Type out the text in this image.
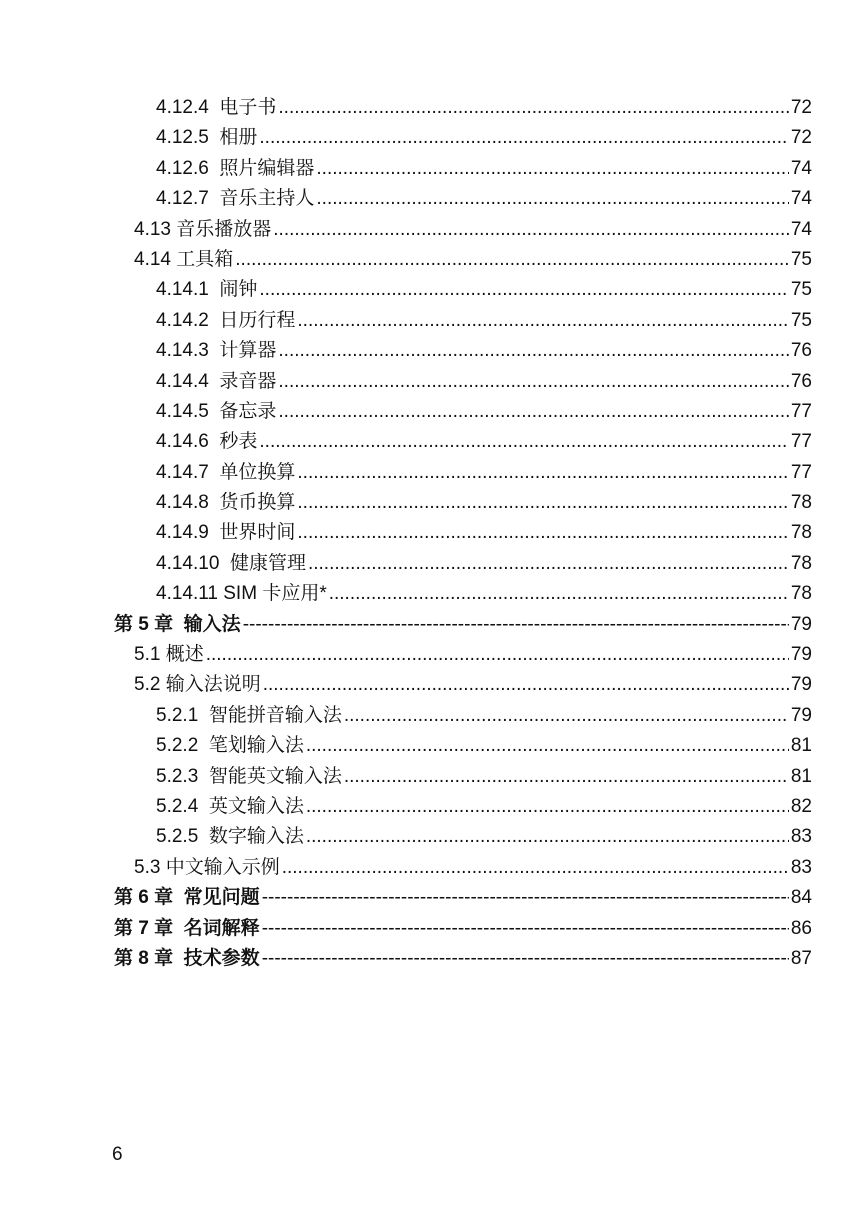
4.12.4  电子书 .....	72
4.12.5  相册 .....	72
4.12.6  照片编辑器 .....	74
4.12.7  音乐主持人 .....	74
4.13 音乐播放器 .....	74
4.14 工具箱 .....	75
4.14.1  闹钟 .....	75
4.14.2  日历行程 .....	75
4.14.3  计算器 .....	76
4.14.4  录音器 .....	76
4.14.5  备忘录 .....	77
4.14.6  秒表 .....	77
4.14.7  单位换算 .....	77
4.14.8  货币换算 .....	78
4.14.9  世界时间 .....	78
4.14.10  健康管理 .....	78
4.14.11 SIM 卡应用* .....	78
第 5 章  输入法 -----	79
5.1 概述 .....	79
5.2 输入法说明 .....	79
5.2.1  智能拼音输入法 .....	79
5.2.2  笔划输入法 .....	81
5.2.3  智能英文输入法 .....	81
5.2.4  英文输入法 .....	82
5.2.5  数字输入法 .....	83
5.3 中文输入示例 .....	83
第 6 章  常见问题 -----	84
第 7 章  名词解释 -----	86
第 8 章  技术参数 -----	87
6
